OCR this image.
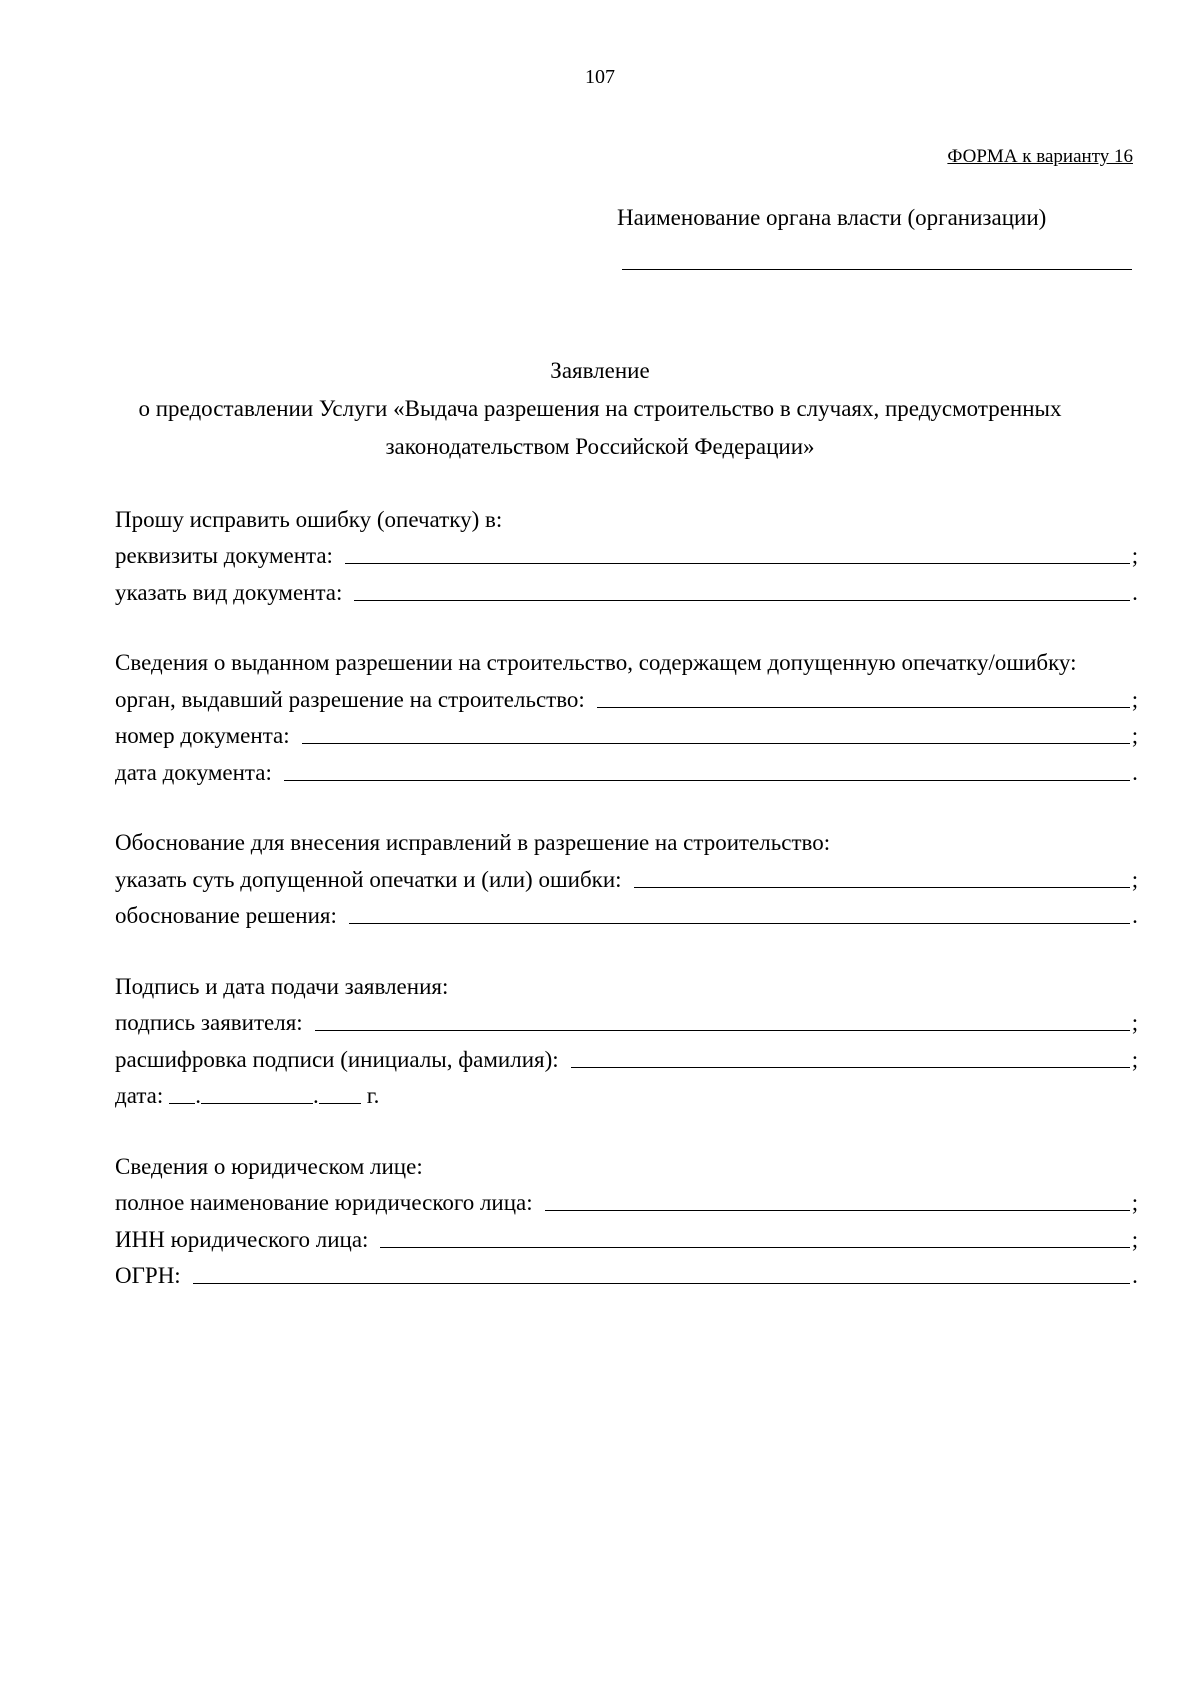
107
ФОРМА к варианту 16
Наименование органа власти (организации)
Заявление
о предоставлении Услуги «Выдача разрешения на строительство в случаях, предусмотренных
законодательством Российской Федерации»
Прошу исправить ошибку (опечатку) в:
реквизиты документа:	;
указать вид документа:	.
Сведения о выданном разрешении на строительство, содержащем допущенную опечатку/ошибку:
орган, выдавший разрешение на строительство:	;
номер документа:	;
дата документа:	.
Обоснование для внесения исправлений в разрешение на строительство:
указать суть допущенной опечатки и (или) ошибки:	;
обоснование решения:	.
Подпись и дата подачи заявления:
подпись заявителя:	;
расшифровка подписи (инициалы, фамилия):	;
дата: .	. г.
Сведения о юридическом лице:
полное наименование юридического лица:	;
ИНН юридического лица:	;
ОГРН:	.
